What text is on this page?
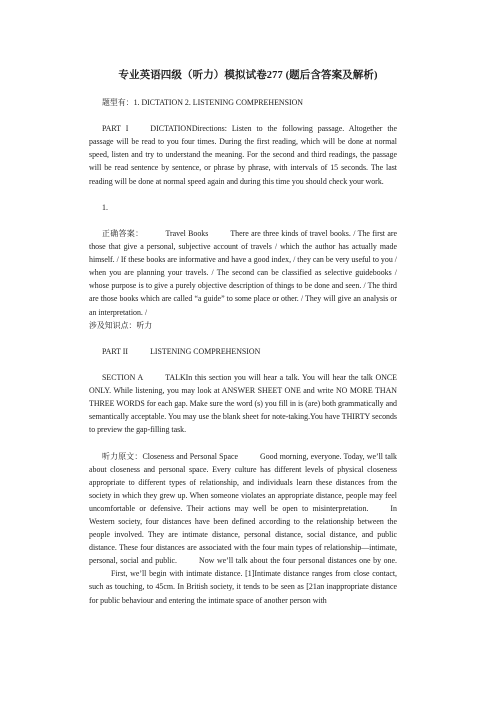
专业英语四级（听力）模拟试卷277 (题后含答案及解析)

题型有：1. DICTATION 2. LISTENING COMPREHENSION

PART I	DICTATIONDirections: Listen to the following passage. Altogether the passage will be read to you four times. During the first reading, which will be done at normal speed, listen and try to understand the meaning. For the second and third readings, the passage will be read sentence by sentence, or phrase by phrase, with intervals of 15 seconds. The last reading will be done at normal speed again and during this time you should check your work.

1.

正确答案：	Travel Books	There are three kinds of travel books. / The first are those that give a personal, subjective account of travels / which the author has actually made himself. / If these books are informative and have a good index, / they can be very useful to you / when you are planning your travels. / The second can be classified as selective guidebooks / whose purpose is to give a purely objective description of things to be done and seen. / The third are those books which are called “a guide” to some place or other. / They will give an analysis or an interpretation. /

涉及知识点：听力

PART II	LISTENING COMPREHENSION

SECTION A	TALKIn this section you will hear a talk. You will hear the talk ONCE ONLY. While listening, you may look at ANSWER SHEET ONE and write NO MORE THAN THREE WORDS for each gap. Make sure the word (s) you fill in is (are) both grammatically and semantically acceptable. You may use the blank sheet for note-taking.You have THIRTY seconds to preview the gap-filling task.

听力原文：Closeness and Personal Space	Good morning, everyone. Today, we’ll talk about closeness and personal space. Every culture has different levels of physical closeness appropriate to different types of relationship, and individuals learn these distances from the society in which they grew up. When someone violates an appropriate distance, people may feel uncomfortable or defensive. Their actions may well be open to misinterpretation.	In Western society, four distances have been defined according to the relationship between the people involved. They are intimate distance, personal distance, social distance, and public distance. These four distances are associated with the four main types of relationship—intimate, personal, social and public.	Now we’ll talk about the four personal distances one by one.First, we’ll begin with intimate distance. [1]Intimate distance ranges from close contact, such as touching, to 45cm. In British society, it tends to be seen as [21an inappropriate distance for public behaviour and entering the intimate space of another person with
